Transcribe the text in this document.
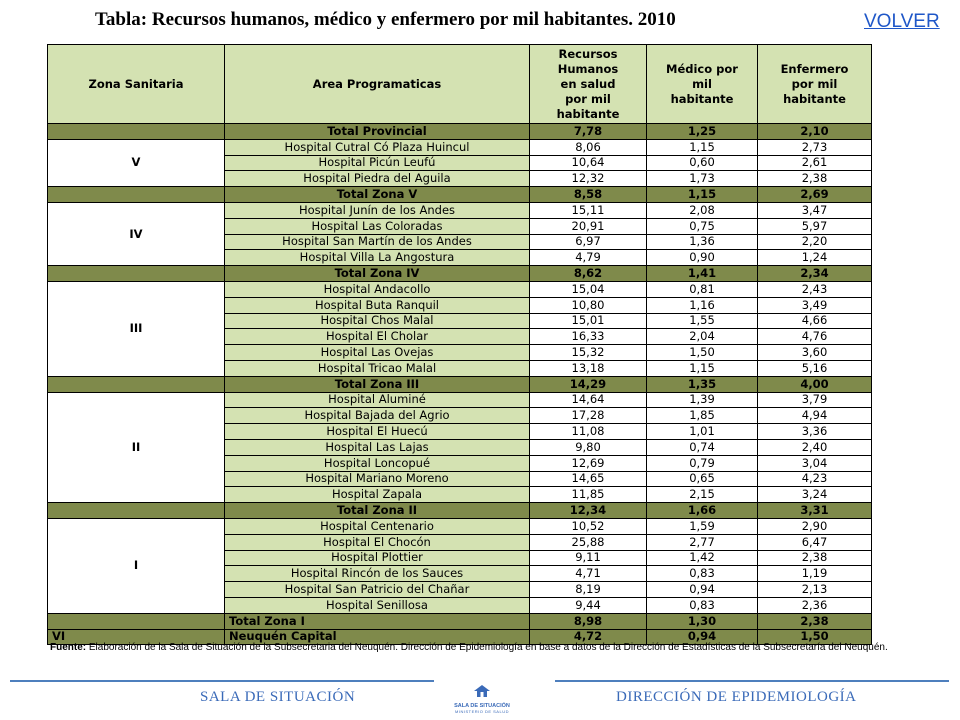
Tabla: Recursos humanos, médico y enfermero por mil habitantes. 2010	VOLVER
Zona Sanitaria	Area Programaticas	Recursos
Humanos
en salud
por mil
habitante	Médico por
mil
habitante	Enfermero
por mil
habitante
	Total Provincial	7,78	1,25	2,10
V	Hospital Cutral Có Plaza Huincul	8,06	1,15	2,73
	Hospital Picún Leufú	10,64	0,60	2,61
	Hospital Piedra del Aguila	12,32	1,73	2,38
	Total Zona V	8,58	1,15	2,69
IV	Hospital Junín de los Andes	15,11	2,08	3,47
	Hospital Las Coloradas	20,91	0,75	5,97
	Hospital San Martín de los Andes	6,97	1,36	2,20
	Hospital Villa La Angostura	4,79	0,90	1,24
	Total Zona IV	8,62	1,41	2,34
III	Hospital Andacollo	15,04	0,81	2,43
	Hospital Buta Ranquil	10,80	1,16	3,49
	Hospital Chos Malal	15,01	1,55	4,66
	Hospital El Cholar	16,33	2,04	4,76
	Hospital Las Ovejas	15,32	1,50	3,60
	Hospital Tricao Malal	13,18	1,15	5,16
	Total Zona III	14,29	1,35	4,00
II	Hospital Aluminé	14,64	1,39	3,79
	Hospital Bajada del Agrio	17,28	1,85	4,94
	Hospital El Huecú	11,08	1,01	3,36
	Hospital Las Lajas	9,80	0,74	2,40
	Hospital Loncopué	12,69	0,79	3,04
	Hospital Mariano Moreno	14,65	0,65	4,23
	Hospital Zapala	11,85	2,15	3,24
	Total Zona II	12,34	1,66	3,31
I	Hospital Centenario	10,52	1,59	2,90
	Hospital El Chocón	25,88	2,77	6,47
	Hospital Plottier	9,11	1,42	2,38
	Hospital Rincón de los Sauces	4,71	0,83	1,19
	Hospital San Patricio del Chañar	8,19	0,94	2,13
	Hospital Senillosa	9,44	0,83	2,36
	Total Zona I	8,98	1,30	2,38
VI	Neuquén Capital	4,72	0,94	1,50
Fuente: Elaboración de la Sala de Situación de la Subsecretaria del Neuquén. Dirección de Epidemiología en base a datos de la Dirección de Estadísticas de la Subsecretaría del Neuquén.
SALA DE SITUACIÓN	DIRECCIÓN DE EPIDEMIOLOGÍA
SALA DE SITUACIÓN
MINISTERIO DE SALUD
